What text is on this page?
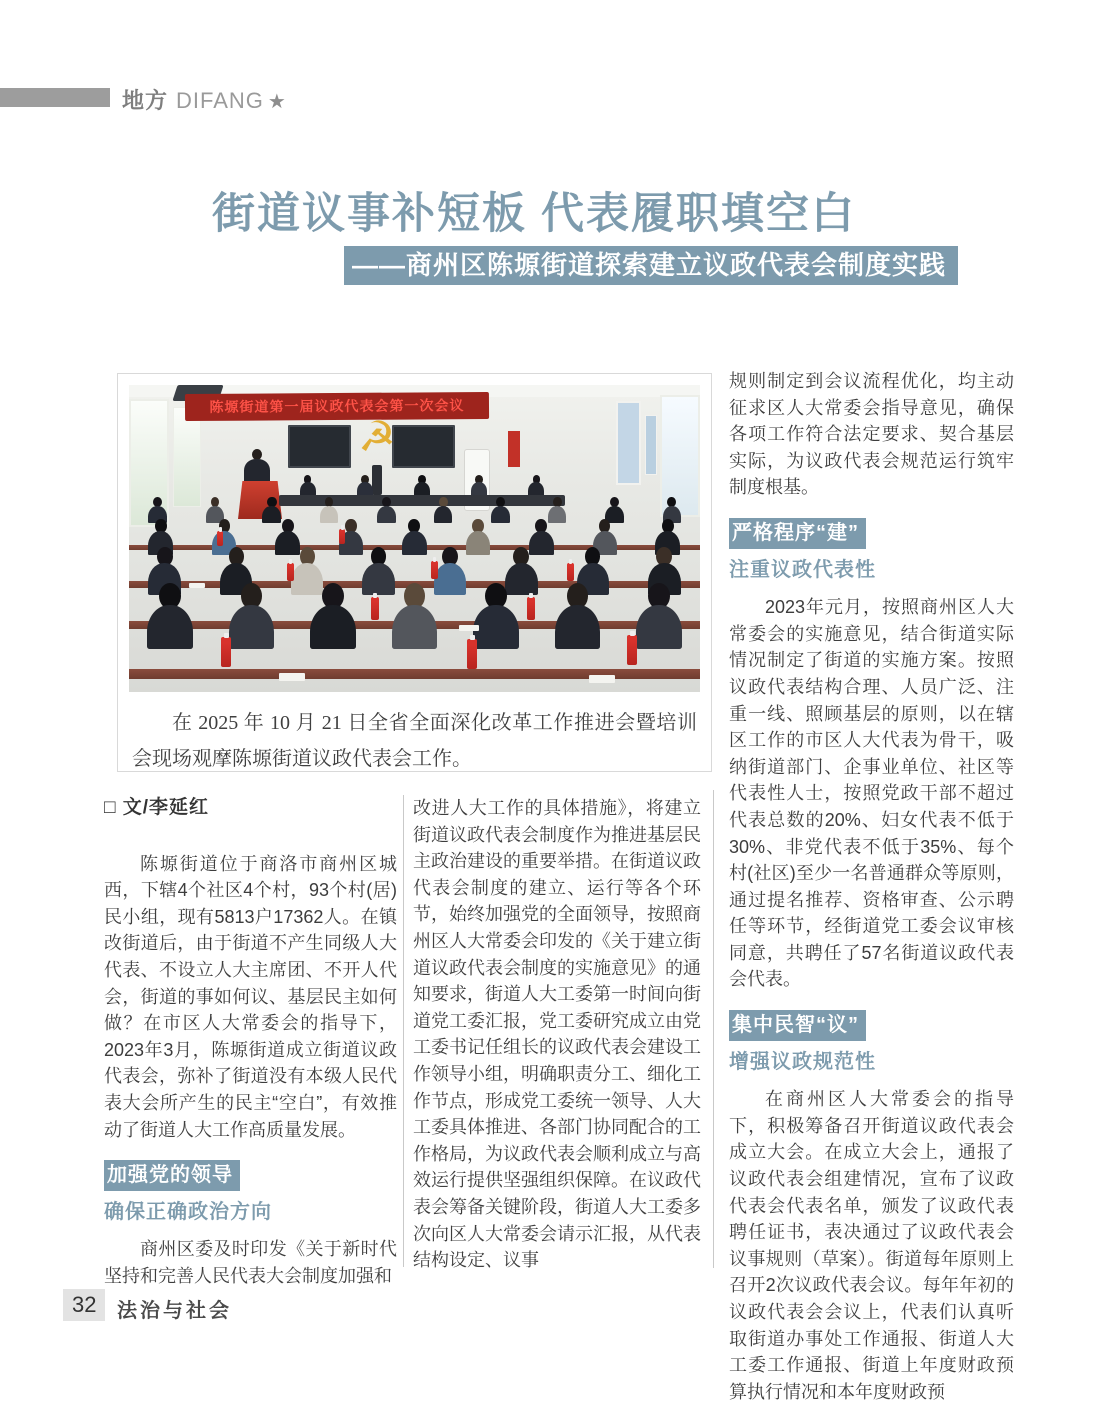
地方 DIFANG ★
街道议事补短板 代表履职填空白
——商州区陈塬街道探索建立议政代表会制度实践
陈塬街道第一届议政代表会第一次会议
☭
在 2025 年 10 月 21 日全省全面深化改革工作推进会暨培训会现场观摩陈塬街道议政代表会工作。
□ 文/李延红

陈塬街道位于商洛市商州区城西，下辖4个社区4个村，93个村(居)民小组，现有5813户17362人。在镇改街道后，由于街道不产生同级人大代表、不设立人大主席团、不开人代会，街道的事如何议、基层民主如何做？在市区人大常委会的指导下，2023年3月，陈塬街道成立街道议政代表会，弥补了街道没有本级人民代表大会所产生的民主“空白”，有效推动了街道人大工作高质量发展。

加强党的领导
确保正确政治方向

商州区委及时印发《关于新时代坚持和完善人民代表大会制度加强和

改进人大工作的具体措施》，将建立街道议政代表会制度作为推进基层民主政治建设的重要举措。在街道议政代表会制度的建立、运行等各个环节，始终加强党的全面领导，按照商州区人大常委会印发的《关于建立街道议政代表会制度的实施意见》的通知要求，街道人大工委第一时间向街道党工委汇报，党工委研究成立由党工委书记任组长的议政代表会建设工作领导小组，明确职责分工、细化工作节点，形成党工委统一领导、人大工委具体推进、各部门协同配合的工作格局，为议政代表会顺利成立与高效运行提供坚强组织保障。在议政代表会筹备关键阶段，街道人大工委多次向区人大常委会请示汇报，从代表结构设定、议事

规则制定到会议流程优化，均主动征求区人大常委会指导意见，确保各项工作符合法定要求、契合基层实际，为议政代表会规范运行筑牢制度根基。

严格程序“建”
注重议政代表性

2023年元月，按照商州区人大常委会的实施意见，结合街道实际情况制定了街道的实施方案。按照议政代表结构合理、人员广泛、注重一线、照顾基层的原则，以在辖区工作的市区人大代表为骨干，吸纳街道部门、企事业单位、社区等代表性人士，按照党政干部不超过代表总数的20%、妇女代表不低于30%、非党代表不低于35%、每个村(社区)至少一名普通群众等原则，通过提名推荐、资格审查、公示聘任等环节，经街道党工委会议审核同意，共聘任了57名街道议政代表会代表。

集中民智“议”
增强议政规范性

在商州区人大常委会的指导下，积极筹备召开街道议政代表会成立大会。在成立大会上，通报了议政代表会组建情况，宣布了议政代表会代表名单，颁发了议政代表聘任证书，表决通过了议政代表会议事规则（草案）。街道每年原则上召开2次议政代表会议。每年年初的议政代表会会议上，代表们认真听取街道办事处工作通报、街道人大工委工作通报、街道上年度财政预算执行情况和本年度财政预

32	法治与社会
